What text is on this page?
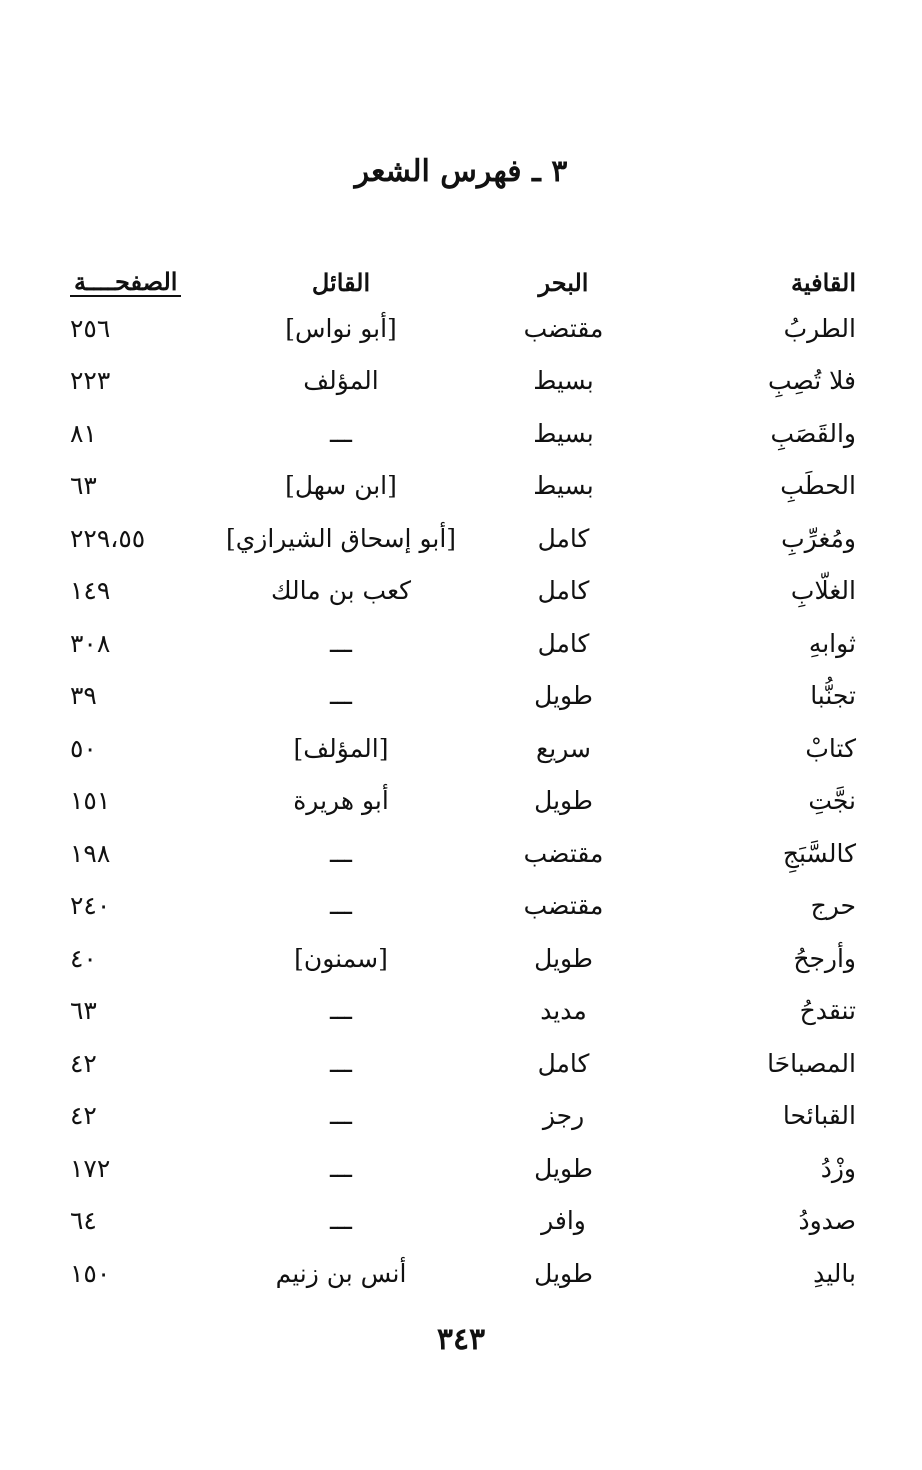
٣ ـ فهرس الشعر
القافية	البحر	القائل	الصفحــــة
الطربُ	مقتضب	[أبو نواس]	٢٥٦
فلا تُصِبِ	بسيط	المؤلف	٢٢٣
والقَصَبِ	بسيط	ـــ	٨١
الحطَبِ	بسيط	[ابن سهل]	٦٣
ومُغرِّبِ	كامل	[أبو إسحاق الشيرازي]	٢٢٩،٥٥
الغلّابِ	كامل	كعب بن مالك	١٤٩
ثوابهِ	كامل	ـــ	٣٠٨
تجنُّبا	طويل	ـــ	٣٩
كتابْ	سريع	[المؤلف]	٥٠
نجَّتِ	طويل	أبو هريرة	١٥١
كالسَّبَجِ	مقتضب	ـــ	١٩٨
حرج	مقتضب	ـــ	٢٤٠
وأرجحُ	طويل	[سمنون]	٤٠
تنقدحُ	مديد	ـــ	٦٣
المصباحَا	كامل	ـــ	٤٢
القبائحا	رجز	ـــ	٤٢
وزْدُ	طويل	ـــ	١٧٢
صدودُ	وافر	ـــ	٦٤
باليدِ	طويل	أنس بن زنيم	١٥٠
٣٤٣
